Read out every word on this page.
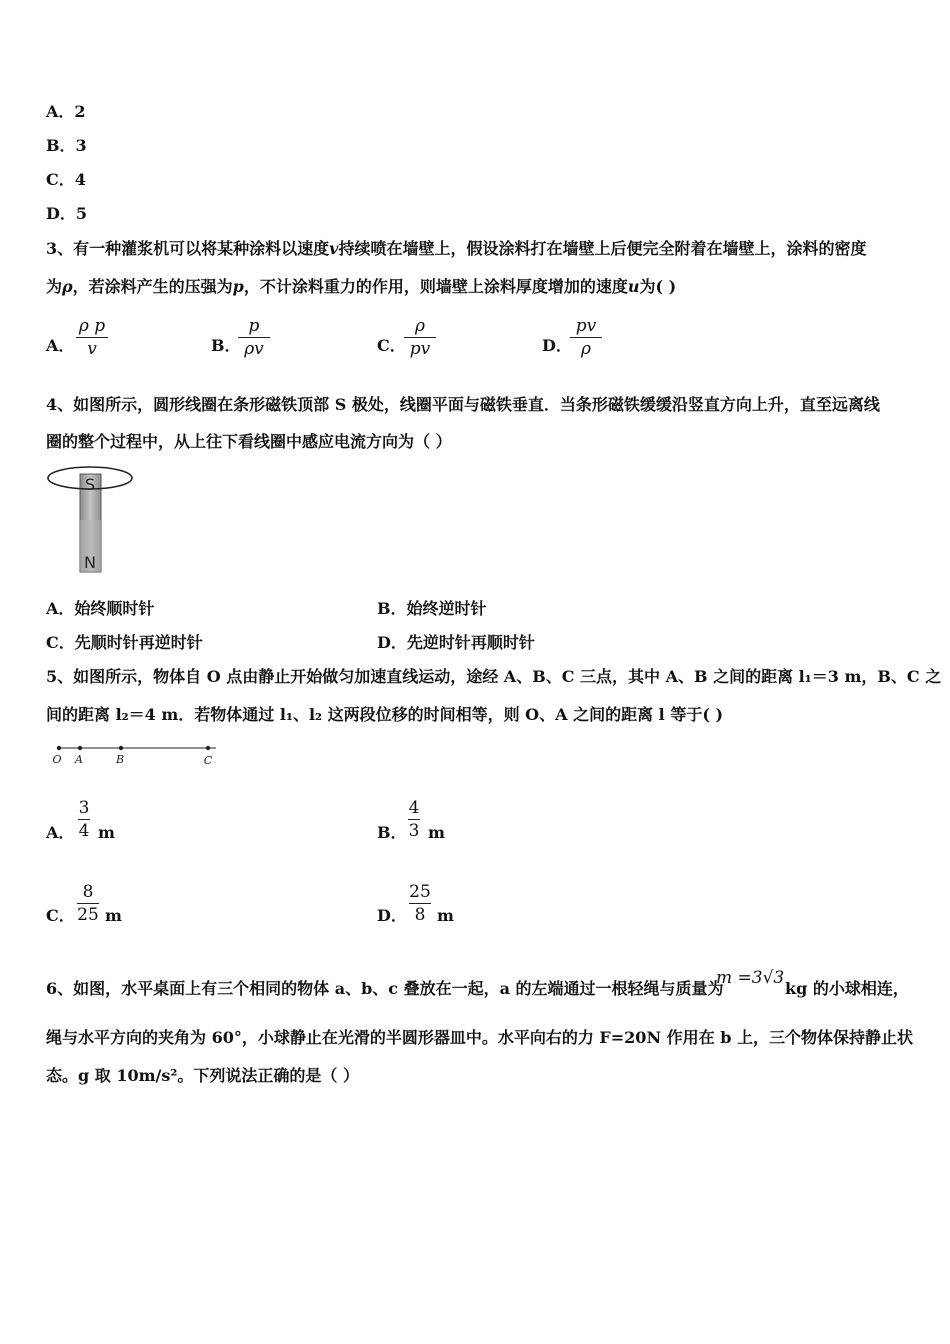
A．2
B．3
C．4
D．5
3、有一种灌浆机可以将某种涂料以速度v持续喷在墙壁上，假设涂料打在墙壁上后便完全附着在墙壁上，涂料的密度
为ρ，若涂料产生的压强为p，不计涂料重力的作用，则墙壁上涂料厚度增加的速度u为( )
A．
ρ p
v	B．
p
ρv	C．
ρ
pv	D．
pv
ρ
4、如图所示，圆形线圈在条形磁铁顶部 S 极处，线圈平面与磁铁垂直．当条形磁铁缓缓沿竖直方向上升，直至远离线
圈的整个过程中，从上往下看线圈中感应电流方向为（ ）
S
N
A．始终顺时针	B．始终逆时针
C．先顺时针再逆时针	D．先逆时针再顺时针
5、如图所示，物体自 O 点由静止开始做匀加速直线运动，途经 A、B、C 三点，其中 A、B 之间的距离 l₁＝3 m，B、C 之
间的距离 l₂＝4 m．若物体通过 l₁、l₂ 这两段位移的时间相等，则 O、A 之间的距离 l 等于( )
O A	B	C
A．
3
4 m	B．
4
3 m
C．
8
25 m	D．
25
8 m
6、如图，水平桌面上有三个相同的物体 a、b、c 叠放在一起，a 的左端通过一根轻绳与质量为
m =3√3
kg 的小球相连，
绳与水平方向的夹角为 60°，小球静止在光滑的半圆形器皿中。水平向右的力 F=20N 作用在 b 上，三个物体保持静止状
态。g 取 10m/s²。下列说法正确的是（ ）
